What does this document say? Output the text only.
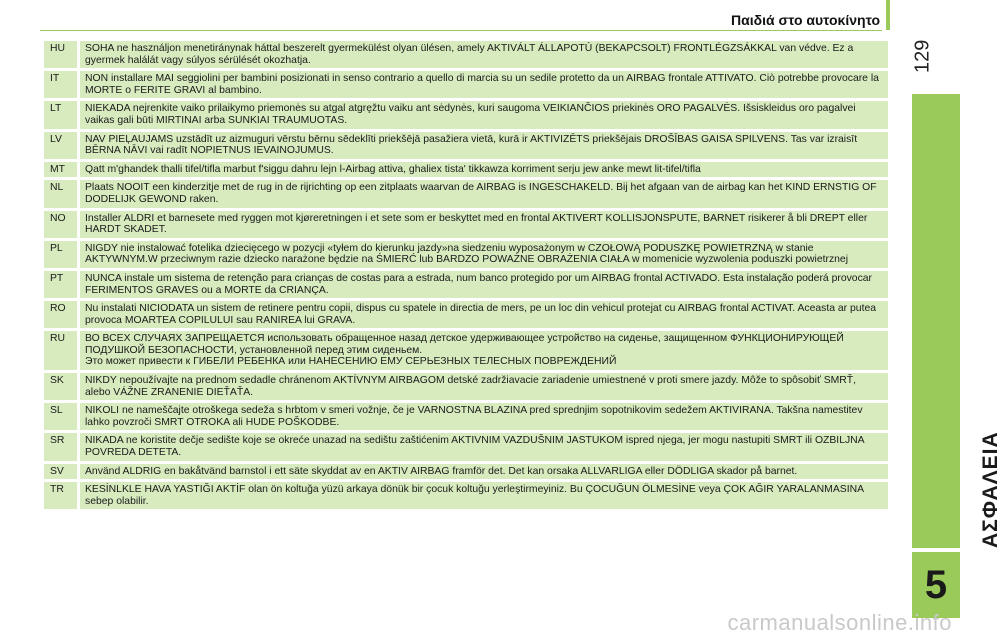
Παιδιά στο αυτοκίνητο
129
ΑΣΦΑΛΕΙΑ
5
HU	SOHA ne használjon menetiránynak háttal beszerelt gyermekülést olyan ülésen, amely AKTIVÁLT ÁLLAPOTÚ (BEKAPCSOLT) FRONTLÉGZSÁKKAL van védve. Ez a gyermek halálát vagy súlyos sérülését okozhatja.
IT	NON installare MAI seggiolini per bambini posizionati in senso contrario a quello di marcia su un sedile protetto da un AIRBAG frontale ATTIVATO. Ciò potrebbe provocare la MORTE o FERITE GRAVI al bambino.
LT	NIEKADA nejrenkite vaiko prilaikymo priemonės su atgal atgręžtu vaiku ant sėdynės, kuri saugoma VEIKIANČIOS priekinės ORO PAGALVĖS. Išsiskleidus oro pagalvei vaikas gali būti MIRTINAI arba SUNKIAI TRAUMUOTAS.
LV	NAV PIEĻAUJAMS uzstādīt uz aizmuguri vērstu bērnu sēdeklīti priekšējā pasažiera vietā, kurā ir AKTIVIZĒTS priekšējais DROŠĪBAS GAISA SPILVENS. Tas var izraisīt BĒRNA NĀVI vai radīt NOPIETNUS IEVAINOJUMUS.
MT	Qatt m'ghandek thalli tifel/tifla marbut f'siggu dahru lejn l-Airbag attiva, ghaliex tista' tikkawza korriment serju jew anke mewt lit-tifel/tifla
NL	Plaats NOOIT een kinderzitje met de rug in de rijrichting op een zitplaats waarvan de AIRBAG is INGESCHAKELD. Bij het afgaan van de airbag kan het KIND ERNSTIG OF DODELIJK GEWOND raken.
NO	Installer ALDRI et barnesete med ryggen mot kjøreretningen i et sete som er beskyttet med en frontal AKTIVERT KOLLISJONSPUTE, BARNET risikerer å bli DREPT eller HARDT SKADET.
PL	NIGDY nie instalować fotelika dziecięcego w pozycji «tyłem do kierunku jazdy»na siedzeniu wyposażonym w CZOŁOWĄ PODUSZKĘ POWIETRZNĄ w stanie AKTYWNYM.W przeciwnym razie dziecko narażone będzie na ŚMIERĆ lub BARDZO POWAŻNE OBRAŻENIA CIAŁA w momenicie wyzwolenia poduszki powietrznej
PT	NUNCA instale um sistema de retenção para crianças de costas para a estrada, num banco protegido por um AIRBAG frontal ACTIVADO. Esta instalação poderá provocar FERIMENTOS GRAVES ou a MORTE da CRIANÇA.
RO	Nu instalati NICIODATA un sistem de retinere pentru copii, dispus cu spatele in directia de mers, pe un loc din vehicul protejat cu AIRBAG frontal ACTIVAT. Aceasta ar putea provoca MOARTEA COPILULUI sau RANIREA lui GRAVA.
RU	ВО ВСЕХ СЛУЧАЯХ ЗАПРЕЩАЕТСЯ использовать обращенное назад детское удерживающее устройство на сиденье, защищенном ФУНКЦИОНИРУЮЩЕЙ ПОДУШКОЙ БЕЗОПАСНОСТИ, установленной перед этим сиденьем.
Это может привести к ГИБЕЛИ РЕБЕНКА или НАНЕСЕНИЮ ЕМУ СЕРЬЕЗНЫХ ТЕЛЕСНЫХ ПОВРЕЖДЕНИЙ
SK	NIKDY nepoužívajte na prednom sedadle chránenom AKTÍVNYM AIRBAGOM detské zadržiavacie zariadenie umiestnené v proti smere jazdy. Môže to spôsobiť SMRŤ, alebo VÁŽNE ZRANENIE DIEŤAŤA.
SL	NIKOLI ne nameščajte otroškega sedeža s hrbtom v smeri vožnje, če je VARNOSTNA BLAZINA pred sprednjim sopotnikovim sedežem AKTIVIRANA. Takšna namestitev lahko povzroči SMRT OTROKA ali HUDE POŠKODBE.
SR	NIKADA ne koristite dečje sedište koje se okreće unazad na sedištu zaštićenim AKTIVNIM VAZDUŠNIM JASTUKOM ispred njega, jer mogu nastupiti SMRT ili OZBILJNA POVREDA DETETA.
SV	Använd ALDRIG en bakåtvänd barnstol i ett säte skyddat av en AKTIV AIRBAG framför det. Det kan orsaka ALLVARLIGA eller DÖDLIGA skador på barnet.
TR	KESİNLKLE HAVA YASTIĞI AKTİF olan ön koltuğa yüzü arkaya dönük bir çocuk koltuğu yerleştirmeyiniz. Bu ÇOCUĞUN ÖLMESİNE veya ÇOK AĞIR YARALANMASINA sebep olabilir.
carmanualsonline.info
